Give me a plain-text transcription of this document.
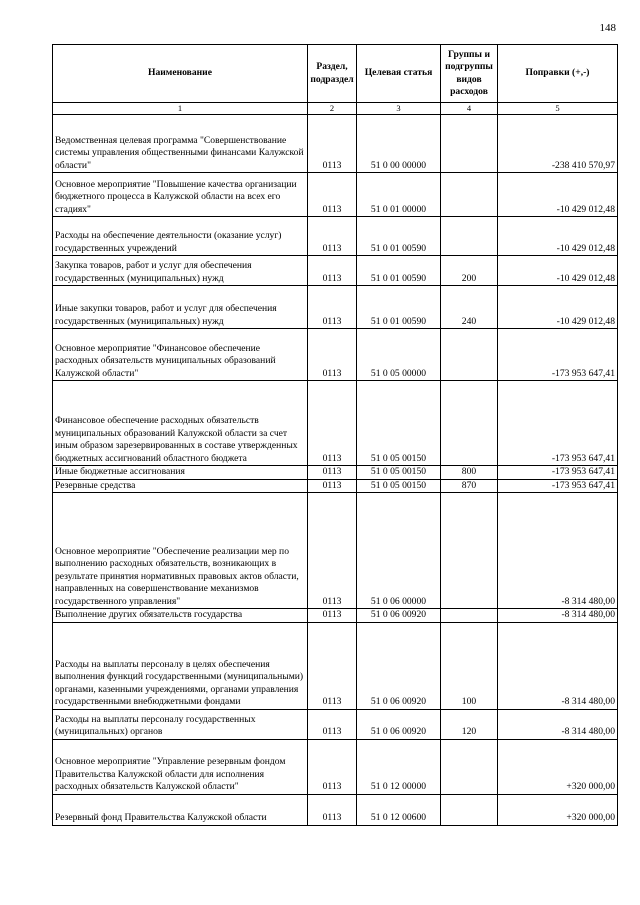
148
Наименование	Раздел, подраздел	Целевая статья	Группы и подгруппы видов расходов	Поправки (+,-)
1	2	3	4	5
Ведомственная целевая программа "Совершенствование системы управления общественными финансами Калужской области"	0113	51 0 00 00000		-238 410 570,97
Основное мероприятие "Повышение качества организации бюджетного процесса в Калужской области на всех его стадиях"	0113	51 0 01 00000		-10 429 012,48
Расходы на обеспечение деятельности (оказание услуг) государственных учреждений	0113	51 0 01 00590		-10 429 012,48
Закупка товаров, работ и услуг для обеспечения государственных (муниципальных) нужд	0113	51 0 01 00590	200	-10 429 012,48
Иные закупки товаров, работ и услуг для обеспечения государственных (муниципальных) нужд	0113	51 0 01 00590	240	-10 429 012,48
Основное мероприятие "Финансовое обеспечение расходных обязательств муниципальных образований Калужской области"	0113	51 0 05 00000		-173 953 647,41
Финансовое обеспечение расходных обязательств муниципальных образований Калужской области за счет иным образом зарезервированных в составе утвержденных бюджетных ассигнований областного бюджета	0113	51 0 05 00150		-173 953 647,41
Иные бюджетные ассигнования	0113	51 0 05 00150	800	-173 953 647,41
Резервные средства	0113	51 0 05 00150	870	-173 953 647,41
Основное мероприятие "Обеспечение реализации мер по выполнению расходных обязательств, возникающих в результате принятия нормативных правовых актов области, направленных на совершенствование механизмов государственного управления"	0113	51 0 06 00000		-8 314 480,00
Выполнение других обязательств государства	0113	51 0 06 00920		-8 314 480,00
Расходы на выплаты персоналу в целях обеспечения выполнения функций государственными (муниципальными) органами, казенными учреждениями, органами управления государственными внебюджетными фондами	0113	51 0 06 00920	100	-8 314 480,00
Расходы на выплаты персоналу государственных (муниципальных) органов	0113	51 0 06 00920	120	-8 314 480,00
Основное мероприятие "Управление резервным фондом Правительства Калужской области для исполнения расходных обязательств Калужской области"	0113	51 0 12 00000		+320 000,00
Резервный фонд Правительства Калужской области	0113	51 0 12 00600		+320 000,00
